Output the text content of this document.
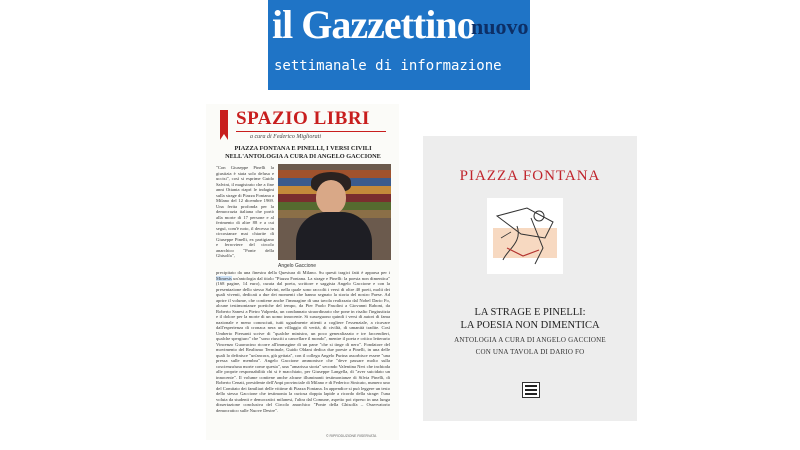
il Gazzettino
nuovo
settimanale di informazione
SPAZIO LIBRI
a cura di Federico Migliorati
PIAZZA FONTANA E PINELLI, I VERSI CIVILI
NELL'ANTOLOGIA A CURA DI ANGELO GACCIONE
Angelo Gaccione
"Con Giuseppe Pinelli la giustizia è stata solo delusa e uccisi", così si esprime Guido Salvini, il magistrato che a fine anni Ottanta riaprì le indagini sulla strage di Piazza Fontana a Milano del 12 dicembre 1969. Una ferita profonda per la democrazia italiana che portò alla morte di 17 persone e al ferimento di altre 88 e a cui seguì, com'è noto, il decesso in circostanze mai chiarite di Giuseppe Pinelli, ex partigiano e ferroviere del circolo anarchico "Ponte della Ghisolfa",
precipitato da una finestra della Questura di Milano. Su questi tragici fatti è apparsa per i Mimesis un'antologia dal titolo "Piazza Fontana. La strage e Pinelli: la poesia non dimentica" (168 pagine, 14 euro), curata dal poeta, scrittore e saggista Angelo Gaccione e con la presentazione dello stesso Salvini, nella quale sono raccolti i versi di oltre 40 poeti, molti dei quali viventi, dedicati a due dei momenti che hanno segnato la storia del nostro Paese. Ad aprire il volume, che contiene anche l'immagine di una tavola realizzata dal Nobel Dario Fo, alcune testimonianze poetiche del tempo, da Pier Paolo Pasolini a Giovanni Raboni, da Roberto Sanesi a Pietro Valpreda, un condannato straordinario che pone in risalto l'ingiustizia e il dolore per la morte di un uomo innocente. Si susseguono quindi i versi di autori di fama nazionale e meno conosciuti, tutti ugualmente attenti a cogliere l'essenziale, a ricavare dall'esperienza di cronaca nera un villaggio di verità, di civiltà, di umanità tradite. Così Umberto Piersanti scrive di "qualche ministro, un poco generalizzato e tre faccendieri, qualche spergiuro" che "sono riusciti a cancellare il mondo", mentre il poeta e critico letterario Vincenzo Guarracino ricorre all'immagine di un pane "che si tinge di nero". Fondatore del movimento del Realismo Terminale, Guido Oldani dedica due poesie a Pinelli, in una delle quali lo definisce "un'ancora, giù gettata", con il collega Angelo Purina assorbisce essere "una pressa sulle membra". Angelo Gaccione ammonisce che "deve passare molto sulla coscienza/una morte come questa", una "amarissa storia" secondo Valentina Neri che inchioda alle proprie responsabilità chi si è macchiato, per Giuseppe Langella, di "aver suicidato un innocente". Il volume contiene anche alcune illuminanti testimonianze di Silvia Pinelli, di Roberto Cenati, presidente dell'Anpi provinciale di Milano e di Federico Sinicato, numero uno del Comitato dei familiari delle vittime di Piazza Fontana. In appendice si può leggere un testo dello stesso Gaccione che testimonia la curiosa doppia lapide a ricordo della strage: l'una voluta da studenti e democratici milanesi, l'altra dal Comune, aspetto poi ripreso in una lunga dissertazione conclusiva del Circolo anarchico "Ponte della Ghisolfa – Osservatorio democratico sulle Nuove Destre".
© RIPRODUZIONE RISERVATA
PIAZZA FONTANA
LA STRAGE E PINELLI:
LA POESIA NON DIMENTICA
ANTOLOGIA A CURA DI ANGELO GACCIONE
CON UNA TAVOLA DI DARIO FO
